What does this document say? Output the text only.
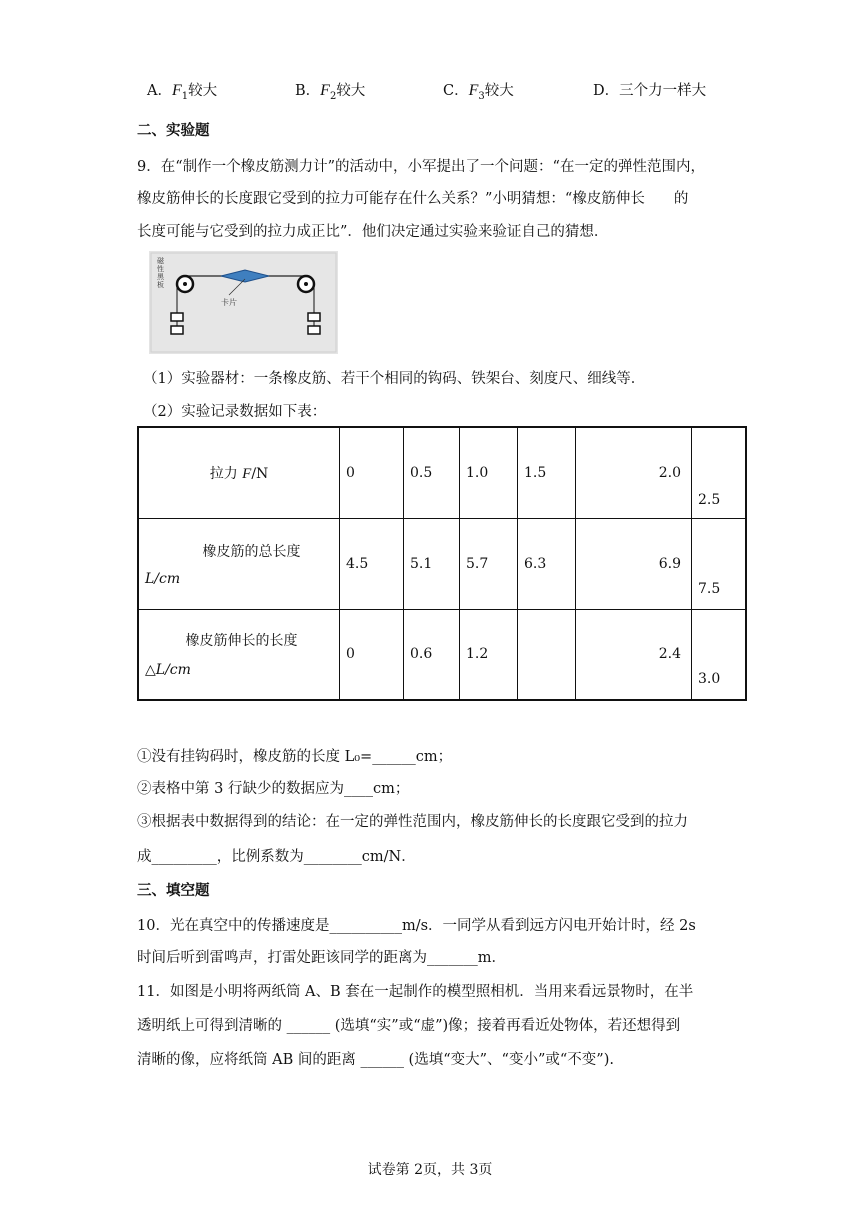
A．$F_1$较大	B．$F_2$较大	C．$F_3$较大	D．三个力一样大
二、实验题
9．在“制作一个橡皮筋测力计”的活动中，小军提出了一个问题：“在一定的弹性范围内，
橡皮筋伸长的长度跟它受到的拉力可能存在什么关系？”小明猜想：“橡皮筋伸长　　的
长度可能与它受到的拉力成正比”．他们决定通过实验来验证自己的猜想．
磁性黑板
卡片
（1）实验器材：一条橡皮筋、若干个相同的钩码、铁架台、刻度尺、细线等．
（2）实验记录数据如下表：
拉力 F/N	0	0.5	1.0	1.5	2.0	2.5

橡皮筋的总长度
L/cm	4.5	5.1	5.7	6.3	6.9	7.5

橡皮筋伸长的长度
△L/cm	0	0.6	1.2		2.4	3.0
①没有挂钩码时，橡皮筋的长度 L₀=______cm；
②表格中第 3 行缺少的数据应为____cm；
③根据表中数据得到的结论：在一定的弹性范围内，橡皮筋伸长的长度跟它受到的拉力
成_________，比例系数为________cm/N．
三、填空题
10．光在真空中的传播速度是__________m/s．一同学从看到远方闪电开始计时，经 2s
时间后听到雷鸣声，打雷处距该同学的距离为_______m．
11．如图是小明将两纸筒 A、B 套在一起制作的模型照相机．当用来看远景物时，在半
透明纸上可得到清晰的 ______ (选填“实”或“虚”)像；接着再看近处物体，若还想得到
清晰的像，应将纸筒 AB 间的距离 ______ (选填“变大”、“变小”或“不变”).
试卷第 2页，共 3页
